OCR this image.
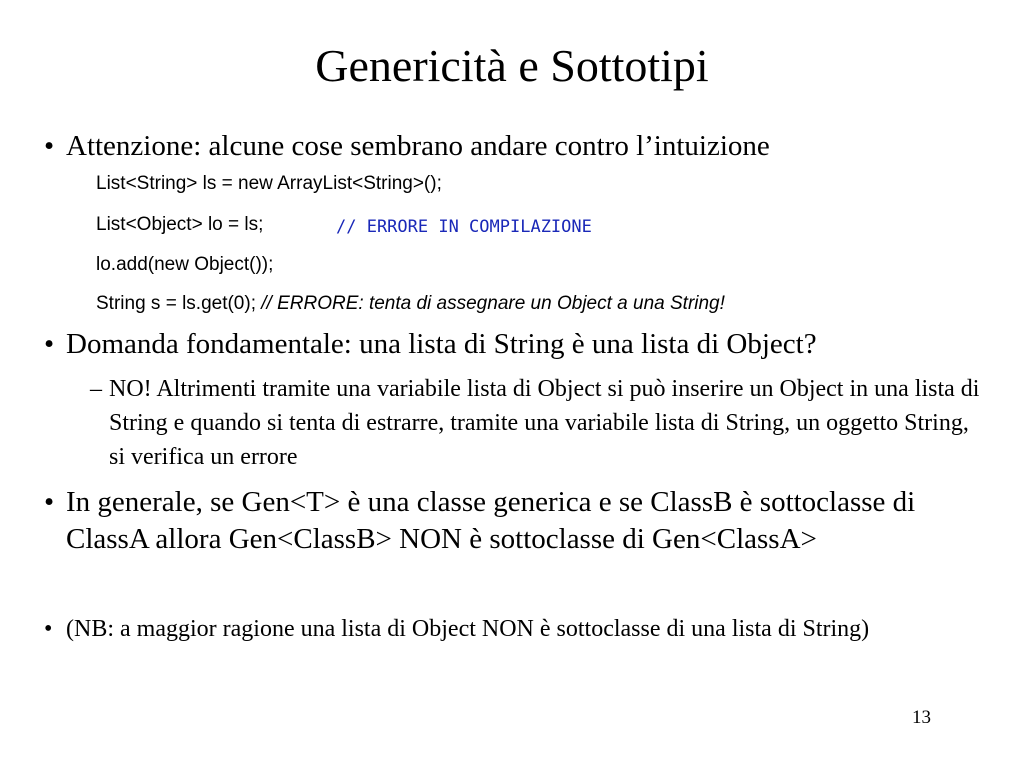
Genericità e Sottotipi
• Attenzione: alcune cose sembrano andare contro l’intuizione
List<String> ls = new ArrayList<String>();
List<Object> lo = ls;	// ERRORE IN COMPILAZIONE
lo.add(new Object());
String s = ls.get(0); // ERRORE: tenta di assegnare un Object a una String!
• Domanda fondamentale: una lista di String è una lista di Object?
– NO! Altrimenti tramite una variabile lista di Object si può inserire un Object in una lista di String e quando si tenta di estrarre, tramite una variabile lista di String, un oggetto String, si verifica un errore
• In generale, se Gen<T> è una classe generica e se ClassB è sottoclasse di ClassA allora Gen<ClassB> NON è sottoclasse di Gen<ClassA>
• (NB: a maggior ragione una lista di Object NON è sottoclasse di una lista di String)
13
